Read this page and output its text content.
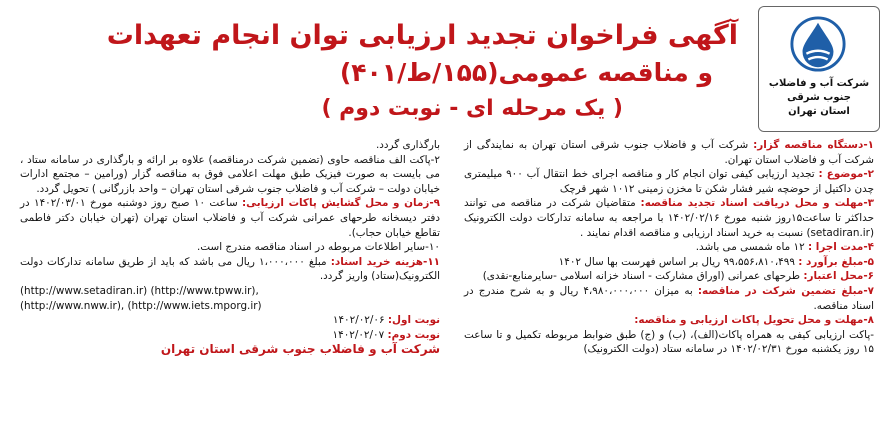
شرکت آب و فاضلاب
جنوب شرقی
استان تهران
آگهی فراخوان تجدید ارزیابی توان انجام تعهدات
و مناقصه عمومی(۱۵۵/ط/۴۰۱)
( یک مرحله ای - نوبت دوم )

۱-دستگاه مناقصه گزار: شرکت آب و فاضلاب جنوب شرقی استان تهران به نمایندگی از شرکت آب و فاضلاب استان تهران.

۲-موضوع : تجدید ارزیابی کیفی توان انجام کار و مناقصه اجرای خط انتقال آب ۹۰۰ میلیمتری چدن داکتیل از حوضچه شیر فشار شکن تا مخزن زمینی ۱۰۱۲ شهر قرچک

۳-مهلت و محل دریافت اسناد تجدید مناقصه: متقاضیان شرکت در مناقصه می توانند حداکثر تا ساعت۱۵روز شنبه مورخ ۱۴۰۲/۰۲/۱۶ با مراجعه به سامانه تدارکات دولت الکترونیک (setadiran.ir) نسبت به خرید اسناد ارزیابی و مناقصه اقدام نمایند .

۴-مدت اجرا : ۱۲ ماه شمسی می باشد.

۵-مبلغ برآورد : ۹۹،۵۵۶،۸۱۰،۴۹۹ ریال بر اساس فهرست بها سال ۱۴۰۲

۶-محل اعتبار: طرحهای عمرانی (اوراق مشارکت - اسناد خزانه اسلامی -سایرمنابع-نقدی)

۷-مبلغ تضمین شرکت در مناقصه: به میزان ۴،۹۸۰،۰۰۰،۰۰۰ ریال و به شرح مندرج در اسناد مناقصه.

۸-مهلت و محل تحویل پاکات ارزیابی و مناقصه:

-پاکت ارزیابی کیفی به همراه پاکات(الف)، (ب) و (ج) طبق ضوابط مربوطه تکمیل و تا ساعت ۱۵ روز یکشنبه مورخ ۱۴۰۲/۰۲/۳۱ در سامانه ستاد (دولت الکترونیک)

بارگذاری گردد.

۲-پاکت الف مناقصه حاوی (تضمین شرکت درمناقصه) علاوه بر ارائه و بارگذاری در سامانه ستاد ، می بایست به صورت فیزیک طبق مهلت اعلامی فوق به مناقصه گزار (ورامین – مجتمع ادارات خیابان دولت – شرکت آب و فاضلاب جنوب شرقی استان تهران – واحد بازرگانی ) تحویل گردد.

۹-زمان و محل گشایش پاکات ارزیابی: ساعت ۱۰ صبح روز دوشنبه مورخ ۱۴۰۲/۰۳/۰۱ در دفتر دیسخانه طرحهای عمرانی شرکت آب و فاضلاب استان تهران (تهران خیابان دکتر فاطمی تقاطع خیابان حجاب).

۱۰-سایر اطلاعات مربوطه در اسناد مناقصه مندرج است.

۱۱-هزینه خرید اسناد: مبلغ ۱،۰۰۰،۰۰۰ ریال می باشد که باید از طریق سامانه تدارکات دولت الکترونیک(ستاد) واریز گردد.

(http://www.setadiran.ir) (http://www.tpww.ir),

(http://www.nww.ir), (http://www.iets.mporg.ir)

نوبت اول: ۱۴۰۲/۰۲/۰۶

نوبت دوم: ۱۴۰۲/۰۲/۰۷

شرکت آب و فاضلاب جنوب شرقی استان تهران
